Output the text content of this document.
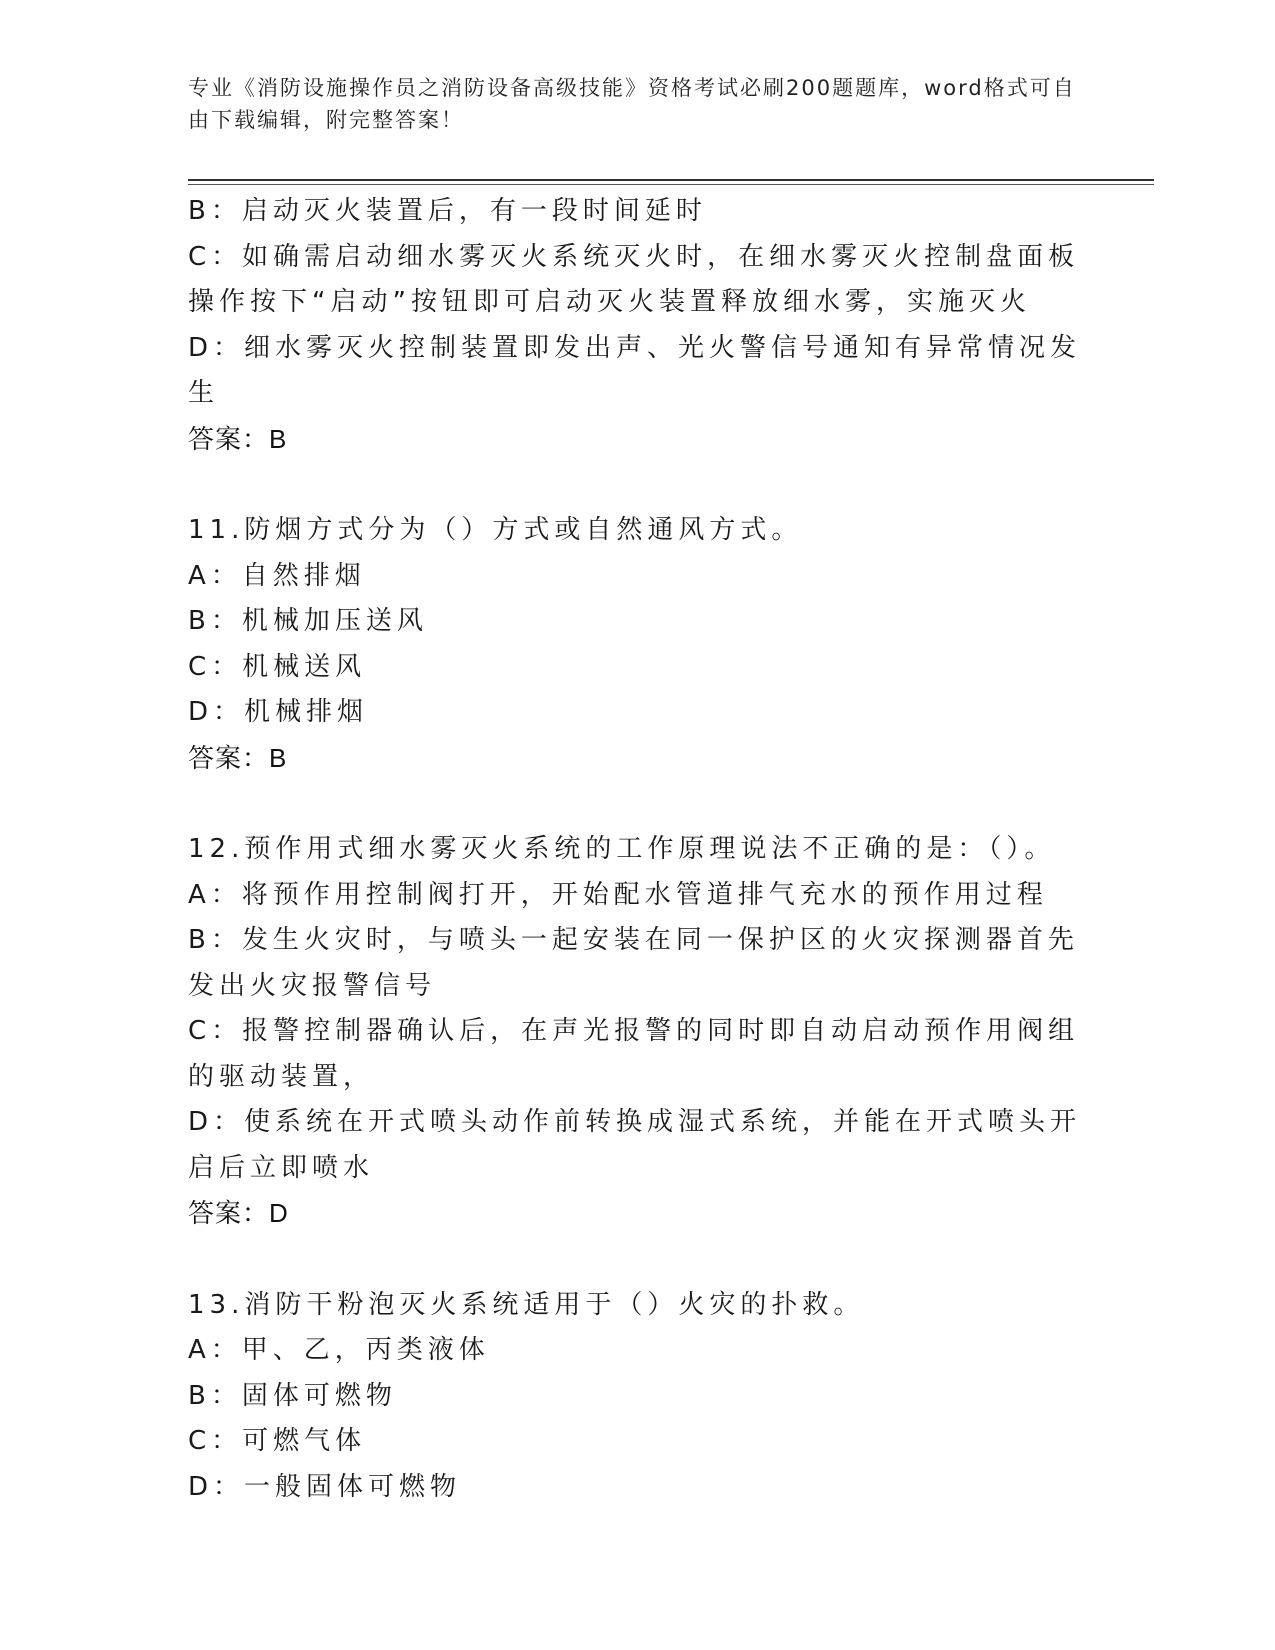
专业《消防设施操作员之消防设备高级技能》资格考试必刷200题题库，word格式可自由下载编辑，附完整答案！
B：启动灭火装置后，有一段时间延时
C：如确需启动细水雾灭火系统灭火时，在细水雾灭火控制盘面板操作按下“启动”按钮即可启动灭火装置释放细水雾，实施灭火
D：细水雾灭火控制装置即发出声、光火警信号通知有异常情况发生
答案：B
11.防烟方式分为（）方式或自然通风方式。
A：自然排烟
B：机械加压送风
C：机械送风
D：机械排烟
答案：B
12.预作用式细水雾灭火系统的工作原理说法不正确的是：（）。
A：将预作用控制阀打开，开始配水管道排气充水的预作用过程
B：发生火灾时，与喷头一起安装在同一保护区的火灾探测器首先发出火灾报警信号
C：报警控制器确认后，在声光报警的同时即自动启动预作用阀组的驱动装置，
D：使系统在开式喷头动作前转换成湿式系统，并能在开式喷头开启后立即喷水
答案：D
13.消防干粉泡灭火系统适用于（）火灾的扑救。
A：甲、乙，丙类液体
B：固体可燃物
C：可燃气体
D：一般固体可燃物
